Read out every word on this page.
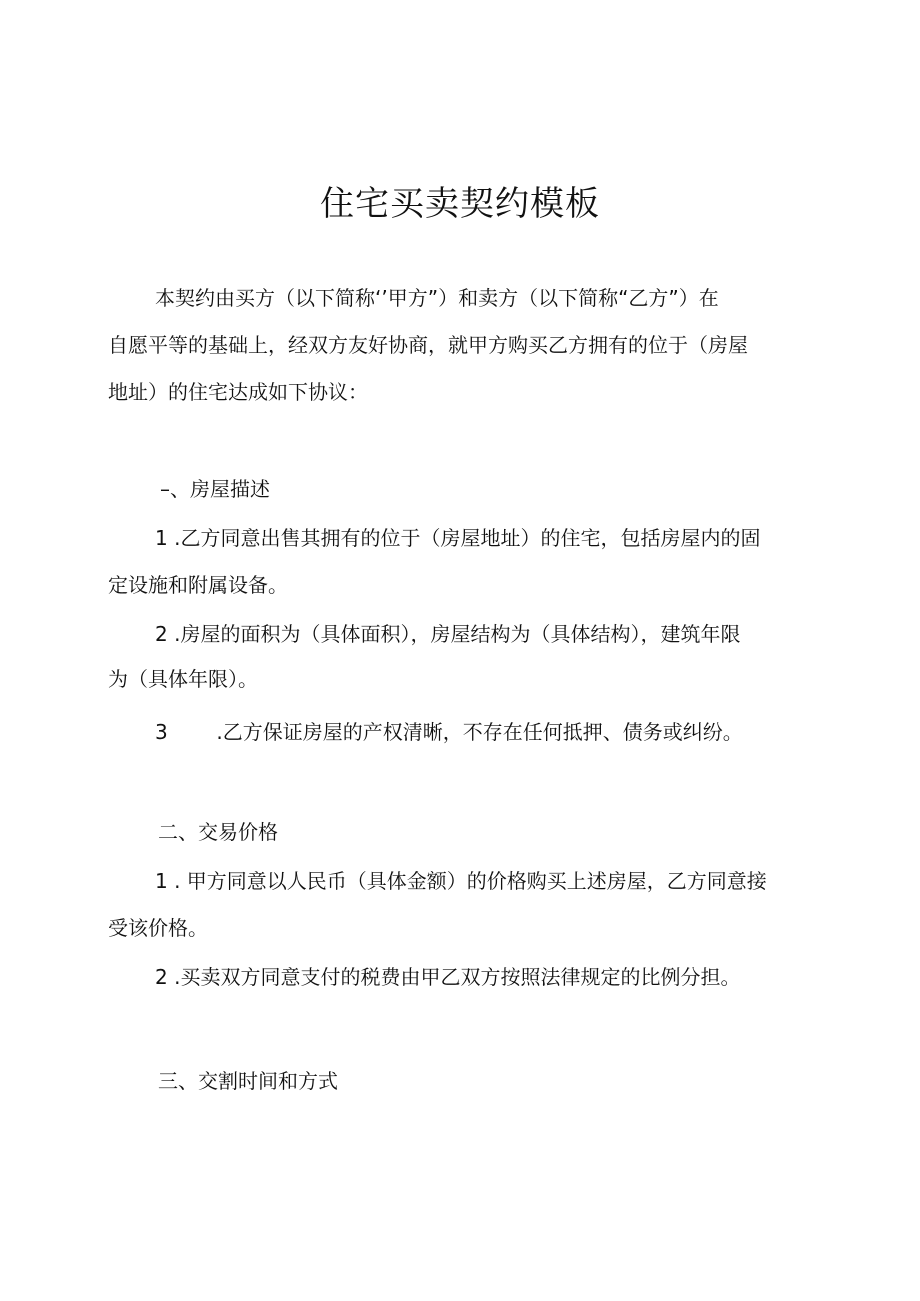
住宅买卖契约模板

本契约由买方（以下简称‘’甲方”）和卖方（以下简称“乙方”）在

自愿平等的基础上，经双方友好协商，就甲方购买乙方拥有的位于（房屋

地址）的住宅达成如下协议：

–、房屋描述

1 .乙方同意出售其拥有的位于（房屋地址）的住宅，包括房屋内的固

定设施和附属设备。

2 .房屋的面积为（具体面积），房屋结构为（具体结构），建筑年限

为（具体年限）。

3 .乙方保证房屋的产权清晰，不存在任何抵押、债务或纠纷。

二、交易价格

1 . 甲方同意以人民币（具体金额）的价格购买上述房屋，乙方同意接

受该价格。

2 .买卖双方同意支付的税费由甲乙双方按照法律规定的比例分担。

三、交割时间和方式
